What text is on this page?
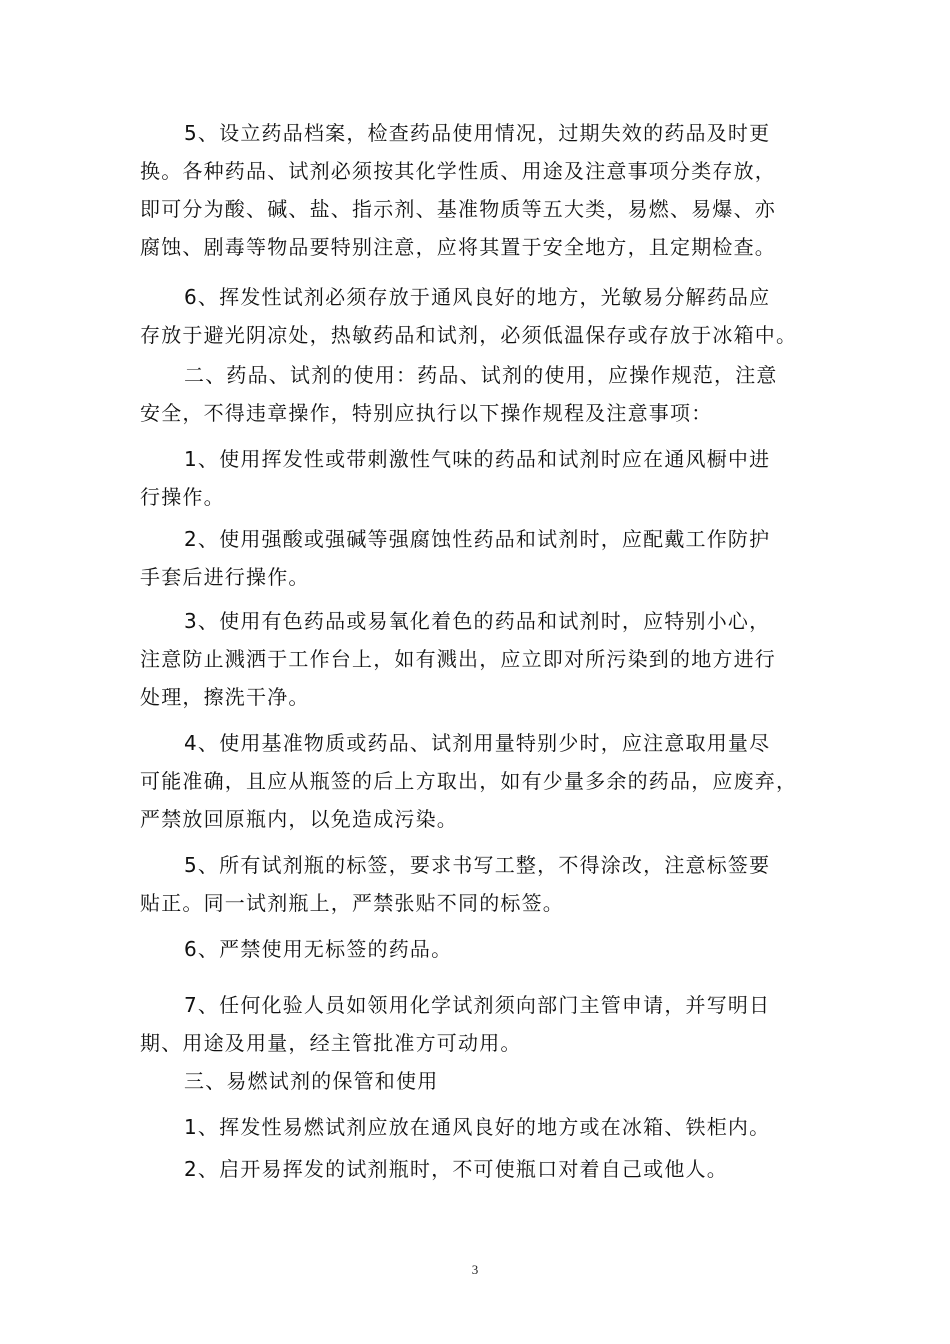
5、设立药品档案，检查药品使用情况，过期失效的药品及时更
换。各种药品、试剂必须按其化学性质、用途及注意事项分类存放，
即可分为酸、碱、盐、指示剂、基准物质等五大类，易燃、易爆、亦
腐蚀、剧毒等物品要特别注意，应将其置于安全地方，且定期检查。

6、挥发性试剂必须存放于通风良好的地方，光敏易分解药品应
存放于避光阴凉处，热敏药品和试剂，必须低温保存或存放于冰箱中。

二、药品、试剂的使用：药品、试剂的使用，应操作规范，注意
安全，不得违章操作，特别应执行以下操作规程及注意事项：

1、使用挥发性或带刺激性气味的药品和试剂时应在通风橱中进
行操作。

2、使用强酸或强碱等强腐蚀性药品和试剂时，应配戴工作防护
手套后进行操作。

3、使用有色药品或易氧化着色的药品和试剂时，应特别小心，
注意防止溅洒于工作台上，如有溅出，应立即对所污染到的地方进行
处理，擦洗干净。

4、使用基准物质或药品、试剂用量特别少时，应注意取用量尽
可能准确，且应从瓶签的后上方取出，如有少量多余的药品，应废弃，
严禁放回原瓶内，以免造成污染。

5、所有试剂瓶的标签，要求书写工整，不得涂改，注意标签要
贴正。同一试剂瓶上，严禁张贴不同的标签。

6、严禁使用无标签的药品。

7、任何化验人员如领用化学试剂须向部门主管申请，并写明日
期、用途及用量，经主管批准方可动用。

三、易燃试剂的保管和使用

1、挥发性易燃试剂应放在通风良好的地方或在冰箱、铁柜内。

2、启开易挥发的试剂瓶时，不可使瓶口对着自己或他人。

3
